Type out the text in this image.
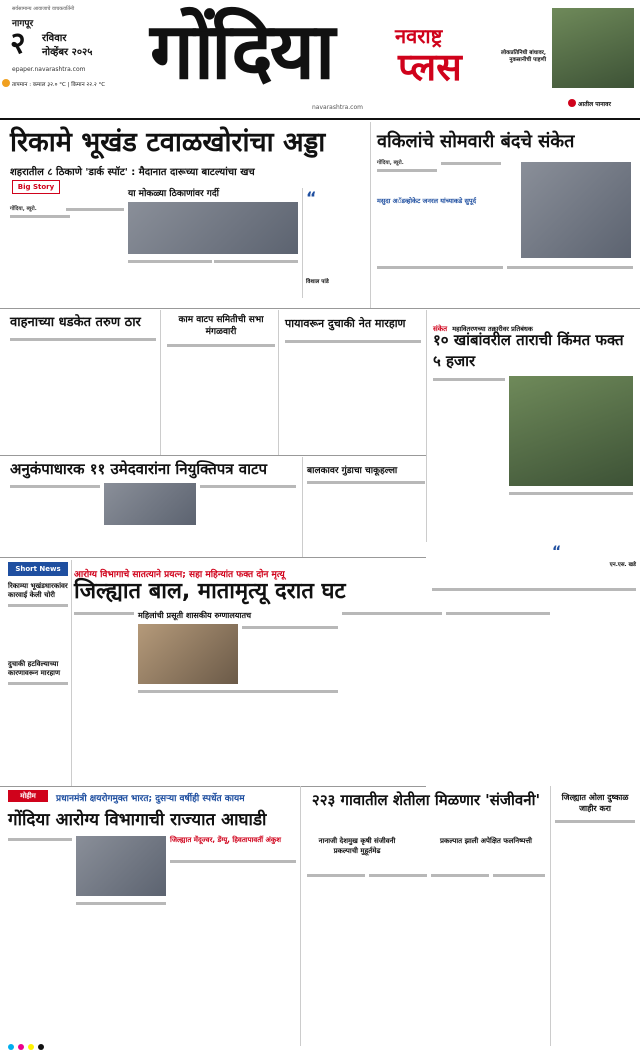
सर्वसामान्य आवाजाचे वाचकवर्तिनी
नागपूर
२ रविवार
नोव्हेंबर २०२५
epaper.navarashtra.com
तापमान : कमाल ३२.० °C | किमान २२.२ °C गोंदिया
navarashtra.com
नवराष्ट्र
प्लस	लोकप्रतिनिधी बांधावर, नुकसानीची पाहणी
आतील पानावर
रिकामे भूखंड टवाळखोरांचा अड्डा
शहरातील ८ ठिकाणे 'डार्क स्पॉट' : मैदानात दारूच्या बाटल्यांचा खच
Big Story
या मोकळ्या ठिकाणांवर गर्दी
गोंदिया, ब्यूरो.
“
विशाल पांडे
वकिलांचे सोमवारी बंदचे संकेत
गोंदिया, ब्यूरो.
मसुदा अॅडव्होकेट जनरल यांच्याकडे सुपूर्द
वाहनाच्या धडकेत तरुण ठार	काम वाटप समितीची सभा मंगळवारी
पायावरून दुचाकी नेत मारहाण	संकेत महावितरणच्या तक्रारीवर प्रतिबंधक
१० खांबांवरील ताराची किंमत फक्त ५ हजार
अनुकंपाधारक ११ उमेदवारांना नियुक्तिपत्र वाटप	बालकावर गुंडाचा चाकूहल्ला
Short News
रिकाम्या भूखंडधारकांवर कारवाई केली चोरी
दुचाकी हटविल्याच्या कारणावरून मारहाण
आरोग्य विभागाचे सातत्याने प्रयत्न; सहा महिन्यांत फक्त दोन मृत्यू
जिल्ह्यात बाल, मातामृत्यू दरात घट
महिलांची प्रसूती शासकीय रुग्णालयातच
“
एन.एस. खडे
मोहीम	प्रधानमंत्री क्षयरोगमुक्त भारत; दुसऱ्या वर्षीही स्पर्धेत कायम
गोंदिया आरोग्य विभागाची राज्यात आघाडी
जिल्ह्यात मेंदूज्वर, डेंग्यू, हिवतापावर्ती अंकुश
२२३ गावातील शेतीला मिळणार 'संजीवनी'
नानाजी देशमुख कृषी संजीवनी प्रकल्पाची मुहूर्तमेढ
प्रकल्पात झाली अपेक्षित फलनिष्पत्ती
जिल्ह्यात ओला दुष्काळ जाहीर करा
